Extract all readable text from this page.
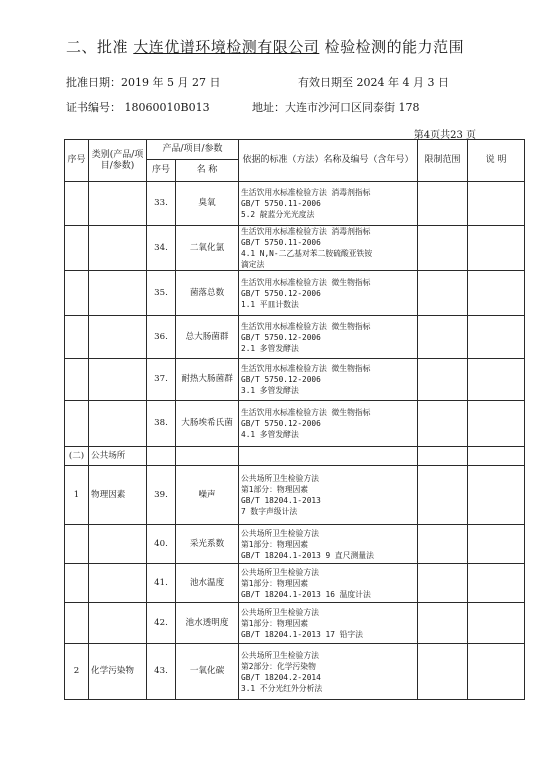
二、批准 大连优谱环境检测有限公司 检验检测的能力范围
批准日期：2019 年 5 月 27 日	有效日期至 2024 年 4 月 3 日
证书编号： 18060010B013	地址：大连市沙河口区同泰街 178
第4页共23 页
序号	类别(产品/项目/参数)	产品/项目/参数		依据的标准（方法）名称及编号（含年号）	限制范围	说 明
		序号	名 称			
		33.	臭氧	生活饮用水标准检验方法 消毒剂指标
GB/T 5750.11-2006
5.2 靛蓝分光光度法		

		34.	二氧化氯	生活饮用水标准检验方法 消毒剂指标
GB/T 5750.11-2006
4.1 N,N-二乙基对苯二胺硫酸亚铁铵
滴定法		

		35.	菌落总数	生活饮用水标准检验方法 微生物指标
GB/T 5750.12-2006
1.1 平皿计数法		

		36.	总大肠菌群	生活饮用水标准检验方法 微生物指标
GB/T 5750.12-2006
2.1 多管发酵法		

		37.	耐热大肠菌群	生活饮用水标准检验方法 微生物指标
GB/T 5750.12-2006
3.1 多管发酵法		

		38.	大肠埃希氏菌	生活饮用水标准检验方法 微生物指标
GB/T 5750.12-2006
4.1 多管发酵法		

(二)	公共场所					
1	物理因素	39.	噪声	公共场所卫生检验方法
第1部分：物理因素
GB/T 18204.1-2013
7 数字声级计法		

		40.	采光系数	公共场所卫生检验方法
第1部分：物理因素
GB/T 18204.1-2013 9 直尺测量法		

		41.	池水温度	公共场所卫生检验方法
第1部分：物理因素
GB/T 18204.1-2013 16 温度计法		

		42.	池水透明度	公共场所卫生检验方法
第1部分：物理因素
GB/T 18204.1-2013 17 铅字法		

2	化学污染物	43.	一氧化碳	公共场所卫生检验方法
第2部分：化学污染物
GB/T 18204.2-2014
3.1 不分光红外分析法		
